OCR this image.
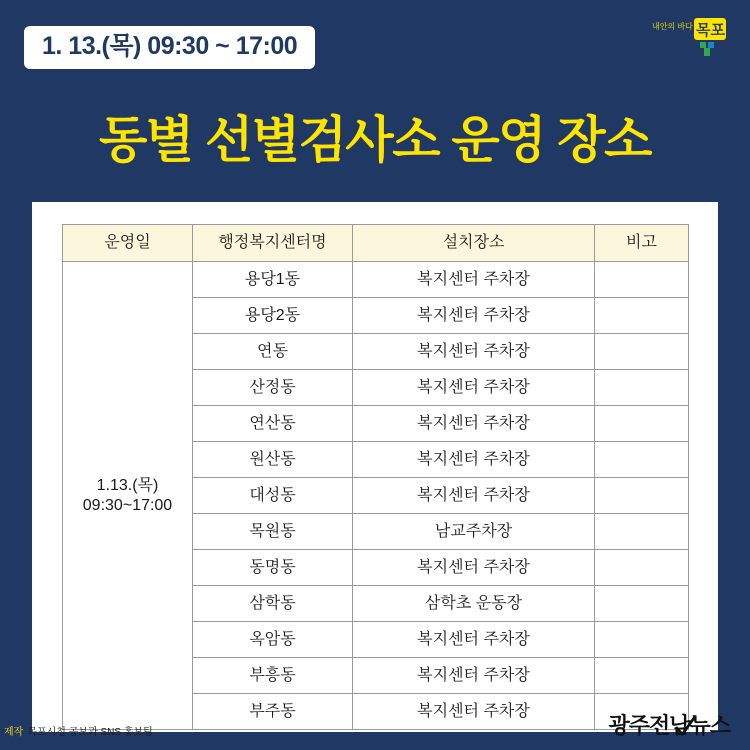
1. 13.(목) 09:30 ~ 17:00
내안의 바다 목포
동별 선별검사소 운영 장소
운영일	행정복지센터명	설치장소	비고

1.13.(목)
09:30~17:00	용당1동	복지센터 주차장	
	용당2동	복지센터 주차장	
	연동	복지센터 주차장	
	산정동	복지센터 주차장	
	연산동	복지센터 주차장	
	원산동	복지센터 주차장	
	대성동	복지센터 주차장	
	목원동	남교주차장	
	동명동	복지센터 주차장	
	삼학동	삼학초 운동장	
	옥암동	복지센터 주차장	
	부흥동	복지센터 주차장	
	부주동	복지센터 주차장	
제작 목포시청 공보과 SNS 홍보팀	광주전남뉴스
